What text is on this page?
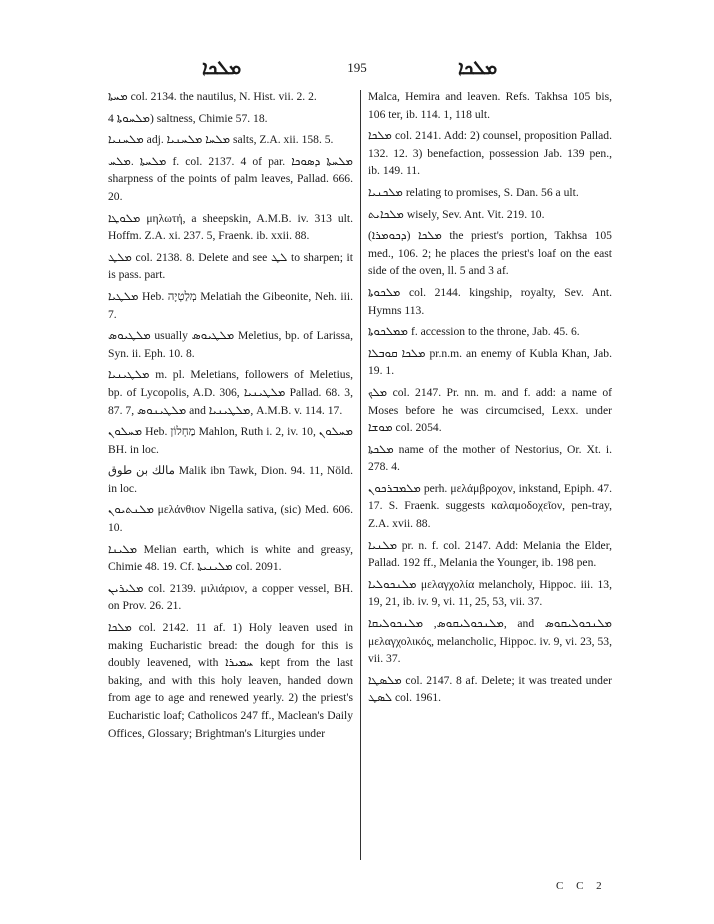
ܡܠܟܐ	195	ܡܠܟܐ

ܡܚܬܐ col. 2134. the nautilus, N. Hist. vii. 2. 2.

ܡܠܚܘܬܐ 4) saltness, Chimie 57. 18.

ܡܠܚܢܝܐ adj. ܡܠܚܐ ܡܠܚܢܝܐ salts, Z.A. xii. 158. 5.

ܡܠܚܬܐ .ܡܠܚ f. col. 2137. 4 of par. ܡܠܚܬܐ ܕܣܘܟܐ sharpness of the points of palm leaves, Pallad. 666. 20.

ܡܠܘܛܐ μηλωτή, a sheepskin, A.M.B. iv. 313 ult. Hoffm. Z.A. xi. 237. 5, Fraenk. ib. xxii. 88.

ܡܠܛ col. 2138. 8. Delete and see ܠܛ to sharpen; it is pass. part.

ܡܠܛܝܐ Heb. מְלַטְיָה Melatiah the Gibeonite, Neh. iii. 7.

ܡܠܛܝܘܣ usually ܡܠܛܝܘܣ Meletius, bp. of Larissa, Syn. ii. Eph. 10. 8.

ܡܠܛܝܢܝܐ m. pl. Meletians, followers of Meletius, bp. of Lycopolis, A.D. 306, ܡܠܛܝܢܝܐ Pallad. 68. 3, 87. 7, ܡܠܛܝܢܘܣ and ܡܠܛܝܢܝܐ, A.M.B. v. 114. 17.

ܡܚܠܘܢ Heb. מַחְלוֹן Mahlon, Ruth i. 2, iv. 10, ܡܚܠܘܢ BH. in loc.

مالك بن طوق Malik ibn Tawk, Dion. 94. 11, Nöld. in loc.

ܡܠܢܬܝܘܢ μελάνθιον Nigella sativa, (sic) Med. 606. 10.

ܡܠܝܢܐ Melian earth, which is white and greasy, Chimie 48. 19. Cf. ܡܠܝܢܝܬܐ col. 2091.

ܡܠܝܪܝܢ col. 2139. μιλιάριον, a copper vessel, BH. on Prov. 26. 21.

ܡܠܟܐ col. 2142. 11 af. 1) Holy leaven used in making Eucharistic bread: the dough for this is doubly leavened, with ܚܡܝܪܐ kept from the last baking, and with this holy leaven, handed down from age to age and renewed yearly. 2) the priest's Eucharistic loaf; Catholicos 247 ff., Maclean's Daily Offices, Glossary; Brightman's Liturgies under

Malca, Hemira and leaven. Refs. Takhsa 105 bis, 106 ter, ib. 114. 1, 118 ult.

ܡܠܟܐ col. 2141. Add: 2) counsel, proposition Pallad. 132. 12. 3) benefaction, possession Jab. 139 pen., ib. 149. 11.

ܡܠܟܢܝܐ relating to promises, S. Dan. 56 a ult.

ܡܠܟܐܝܬ wisely, Sev. Ant. Vit. 219. 10.

ܡܠܟܐ (ܕܟܘܡܪܐ) the priest's portion, Takhsa 105 med., 106. 2; he places the priest's loaf on the east side of the oven, ll. 5 and 3 af.

ܡܠܟܘܬܐ col. 2144. kingship, royalty, Sev. Ant. Hymns 113.

ܡܡܠܟܘܬܐ f. accession to the throne, Jab. 45. 6.

ܡܠܟܐ ܩܘܒܠܐ pr.n.m. an enemy of Kubla Khan, Jab. 19. 1.

ܡܠܟ col. 2147. Pr. nn. m. and f. add: a name of Moses before he was circumcised, Lexx. under ܡܘܫܐ col. 2054.

ܡܠܟܬܐ name of the mother of Nestorius, Or. Xt. i. 278. 4.

ܡܠܡܒܪܟܘܢ perh. μελάμβροχον, inkstand, Epiph. 47. 17. S. Fraenk. suggests καλαμοδοχεῖον, pen-tray, Z.A. xvii. 88.

ܡܠܢܝܐ pr. n. f. col. 2147. Add: Melania the Elder, Pallad. 192 ff., Melania the Younger, ib. 198 pen.

ܡܠܢܟܘܠܝܐ μελαγχολία melancholy, Hippoc. iii. 13, 19, 21, ib. iv. 9, vi. 11, 25, 53, vii. 37.

ܡܠܢܟܘܠܝܩܘܣ, ܡܠܢܟܘܠܝܩܐ, and ܡܠܢܟܘܠܝܩܘܣ μελαγχολικός, melancholic, Hippoc. iv. 9, vi. 23, 53, vii. 37.

ܡܠܣܛܐ col. 2147. 8 af. Delete; it was treated under ܠܣܛ col. 1961.

C C 2
